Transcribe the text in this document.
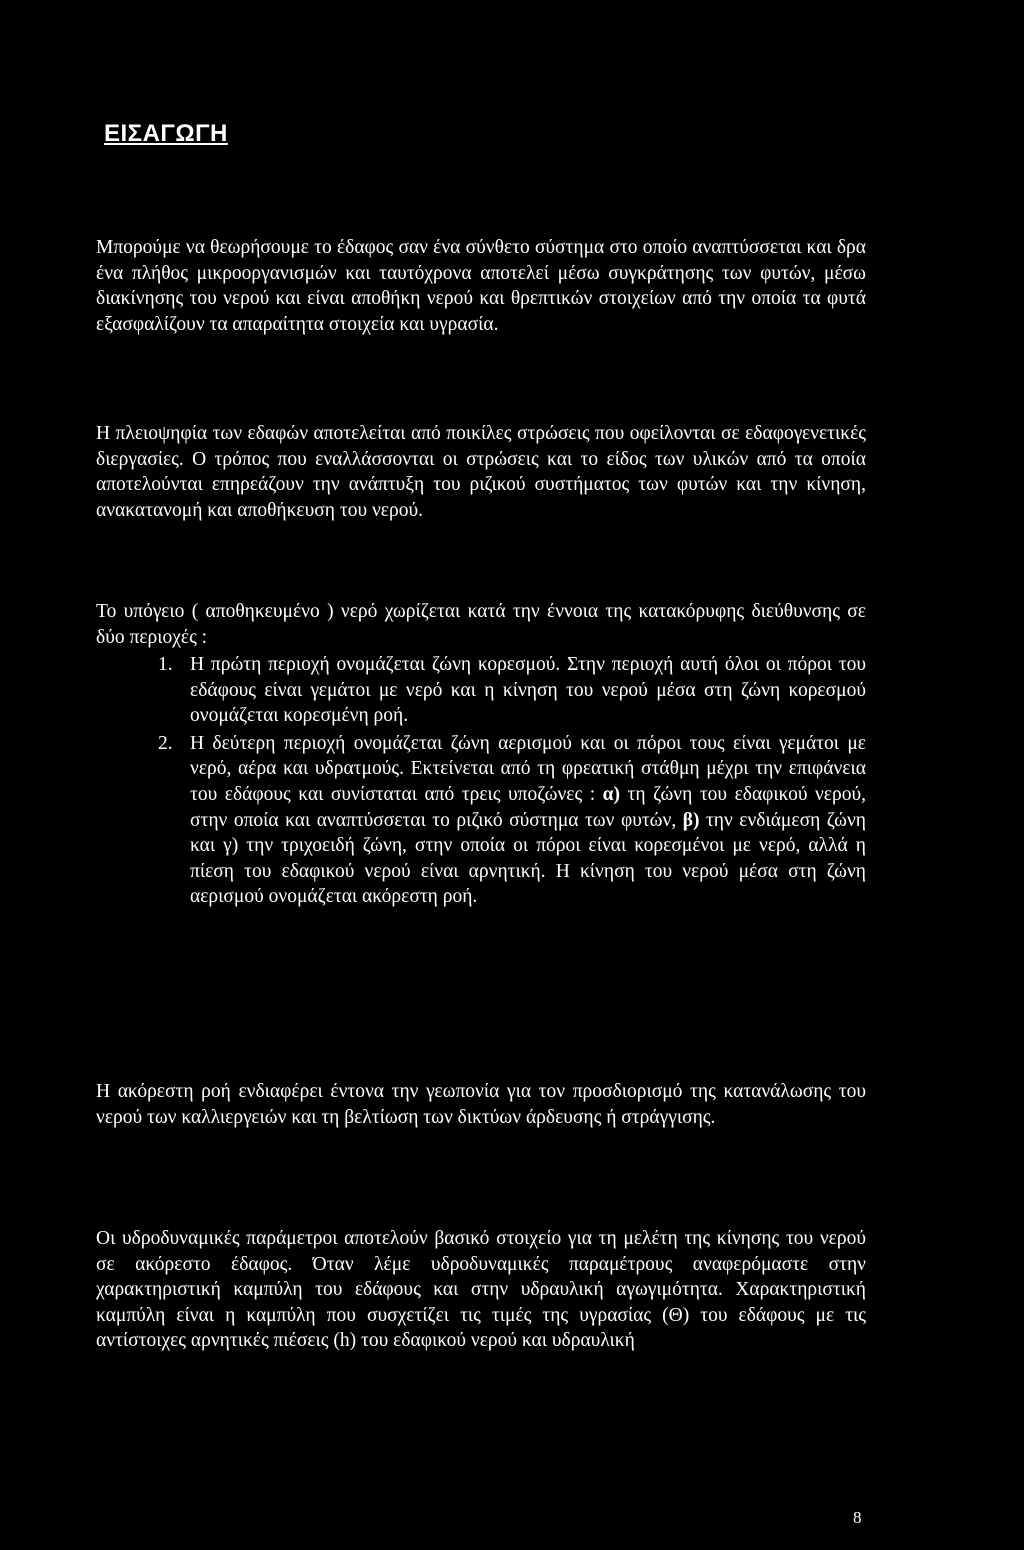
ΕΙΣΑΓΩΓΗ

Μπορούμε να θεωρήσουμε το έδαφος σαν ένα σύνθετο σύστημα στο οποίο αναπτύσσεται και δρα ένα πλήθος μικροοργανισμών και ταυτόχρονα αποτελεί μέσω συγκράτησης των φυτών, μέσω διακίνησης του νερού και είναι αποθήκη νερού και θρεπτικών στοιχείων από την οποία τα φυτά εξασφαλίζουν τα απαραίτητα στοιχεία και υγρασία.

Η πλειοψηφία των εδαφών αποτελείται από ποικίλες στρώσεις που οφείλονται σε εδαφογενετικές διεργασίες. Ο τρόπος που εναλλάσσονται οι στρώσεις και το είδος των υλικών από τα οποία αποτελούνται επηρεάζουν την ανάπτυξη του ριζικού συστήματος των φυτών και την κίνηση, ανακατανομή και αποθήκευση του νερού.

Το υπόγειο ( αποθηκευμένο ) νερό χωρίζεται κατά την έννοια της κατακόρυφης διεύθυνσης σε δύο περιοχές :

1. Η πρώτη περιοχή ονομάζεται ζώνη κορεσμού. Στην περιοχή αυτή όλοι οι πόροι του εδάφους είναι γεμάτοι με νερό και η κίνηση του νερού μέσα στη ζώνη κορεσμού ονομάζεται κορεσμένη ροή.
2. Η δεύτερη περιοχή ονομάζεται ζώνη αερισμού και οι πόροι τους είναι γεμάτοι με νερό, αέρα και υδρατμούς. Εκτείνεται από τη φρεατική στάθμη μέχρι την επιφάνεια του εδάφους και συνίσταται από τρεις υποζώνες : α) τη ζώνη του εδαφικού νερού, στην οποία και αναπτύσσεται το ριζικό σύστημα των φυτών, β) την ενδιάμεση ζώνη και γ) την τριχοειδή ζώνη, στην οποία οι πόροι είναι κορεσμένοι με νερό, αλλά η πίεση του εδαφικού νερού είναι αρνητική. Η κίνηση του νερού μέσα στη ζώνη αερισμού ονομάζεται ακόρεστη ροή.

Η ακόρεστη ροή ενδιαφέρει έντονα την γεωπονία για τον προσδιορισμό της κατανάλωσης του νερού των καλλιεργειών και τη βελτίωση των δικτύων άρδευσης ή στράγγισης.

Οι υδροδυναμικές παράμετροι αποτελούν βασικό στοιχείο για τη μελέτη της κίνησης του νερού σε ακόρεστο έδαφος. Όταν λέμε υδροδυναμικές παραμέτρους αναφερόμαστε στην χαρακτηριστική καμπύλη του εδάφους και στην υδραυλική αγωγιμότητα. Χαρακτηριστική καμπύλη είναι η καμπύλη που συσχετίζει τις τιμές της υγρασίας (Θ) του εδάφους με τις αντίστοιχες αρνητικές πιέσεις (h) του εδαφικού νερού και υδραυλική

8
